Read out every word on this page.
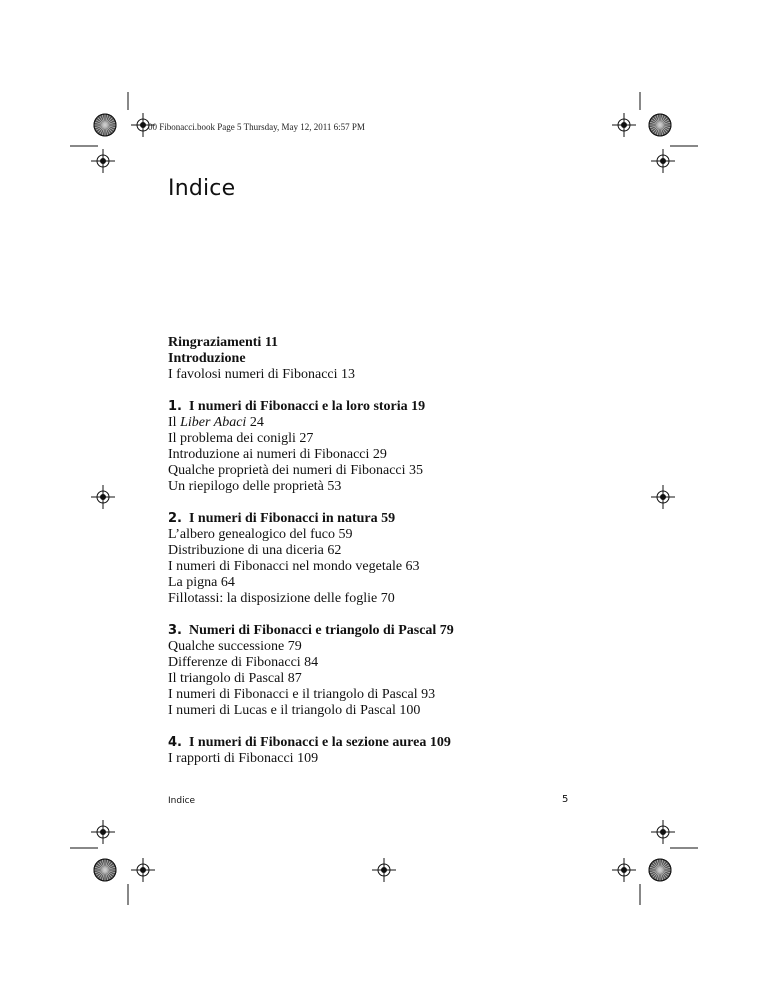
00 Fibonacci.book Page 5 Thursday, May 12, 2011 6:57 PM
Indice
Ringraziamenti 11
Introduzione
I favolosi numeri di Fibonacci 13
1. I numeri di Fibonacci e la loro storia 19
Il Liber Abaci 24
Il problema dei conigli 27
Introduzione ai numeri di Fibonacci 29
Qualche proprietà dei numeri di Fibonacci 35
Un riepilogo delle proprietà 53
2. I numeri di Fibonacci in natura 59
L’albero genealogico del fuco 59
Distribuzione di una diceria 62
I numeri di Fibonacci nel mondo vegetale 63
La pigna 64
Fillotassi: la disposizione delle foglie 70
3. Numeri di Fibonacci e triangolo di Pascal 79
Qualche successione 79
Differenze di Fibonacci 84
Il triangolo di Pascal 87
I numeri di Fibonacci e il triangolo di Pascal 93
I numeri di Lucas e il triangolo di Pascal 100
4. I numeri di Fibonacci e la sezione aurea 109
I rapporti di Fibonacci 109
Indice	5
